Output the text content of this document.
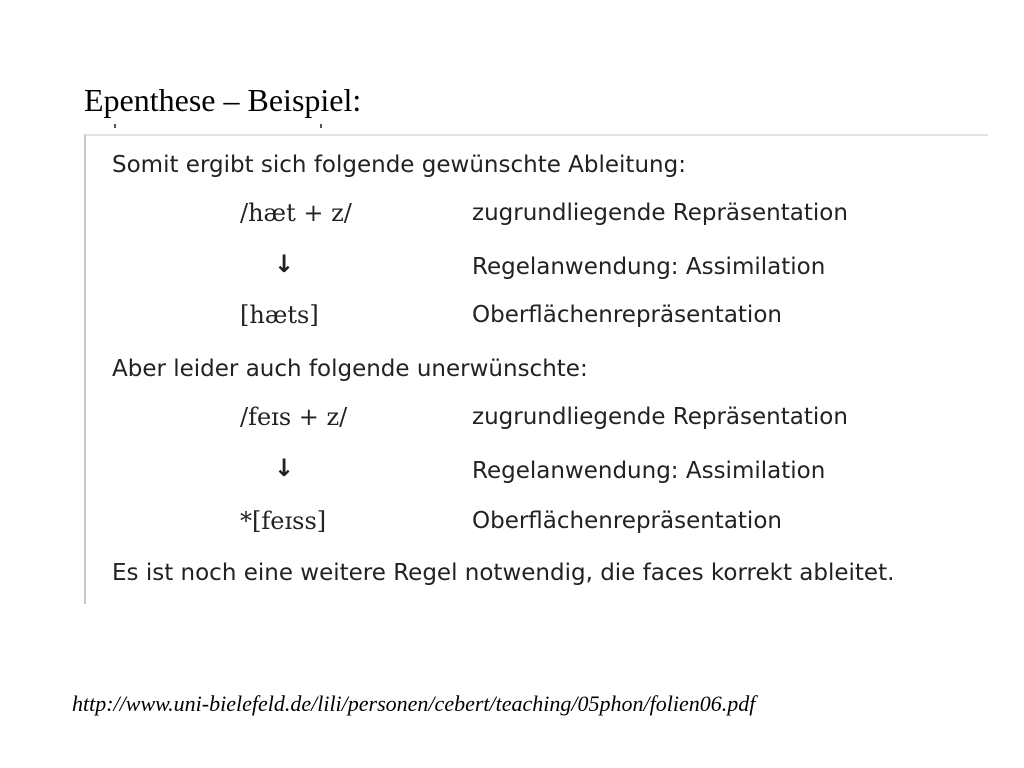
Epenthese – Beispiel:
Somit ergibt sich folgende gewünschte Ableitung:
/hæt + z/	zugrundliegende Repräsentation
↓	Regelanwendung: Assimilation
[hæts]	Oberflächenrepräsentation
Aber leider auch folgende unerwünschte:
/feɪs + z/	zugrundliegende Repräsentation
↓	Regelanwendung: Assimilation
*[feɪss]	Oberflächenrepräsentation
Es ist noch eine weitere Regel notwendig, die faces korrekt ableitet.
http://www.uni-bielefeld.de/lili/personen/cebert/teaching/05phon/folien06.pdf
